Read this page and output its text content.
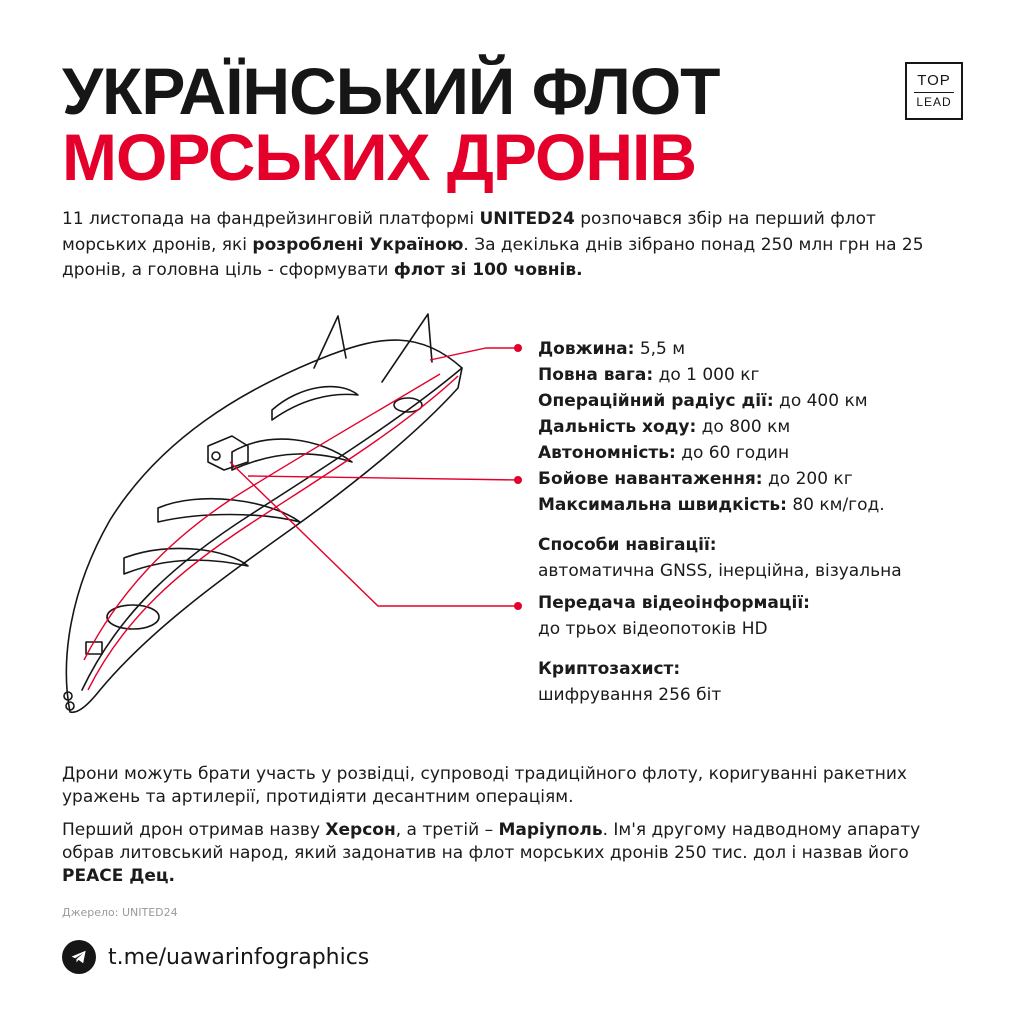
УКРАЇНСЬКИЙ ФЛОТ
МОРСЬКИХ ДРОНІВ
TOP
LEAD
11 листопада на фандрейзинговій платформі UNITED24 розпочався збір на перший флот морських дронів, які розроблені Україною. За декілька днів зібрано понад 250 млн грн на 25 дронів, а головна ціль - сформувати флот зі 100 човнів.
Довжина: 5,5 м
Повна вага: до 1 000 кг
Операційний радіус дії: до 400 км
Дальність ходу: до 800 км
Автономність: до 60 годин
Бойове навантаження: до 200 кг
Максимальна швидкість: 80 км/год.
Способи навігації:
автоматична GNSS, інерційна, візуальна
Передача відеоінформації:
до трьох відеопотоків HD
Криптозахист:
шифрування 256 біт

Дрони можуть брати участь у розвідці, супроводі традиційного флоту, коригуванні ракетних уражень та артилерії, протидіяти десантним операціям.

Перший дрон отримав назву Херсон, а третій – Маріуполь. Ім'я другому надводному апарату обрав литовський народ, який задонатив на флот морських дронів 250 тис. дол і назвав його PEACE Дец.

Джерело: UNITED24
t.me/uawarinfographics
